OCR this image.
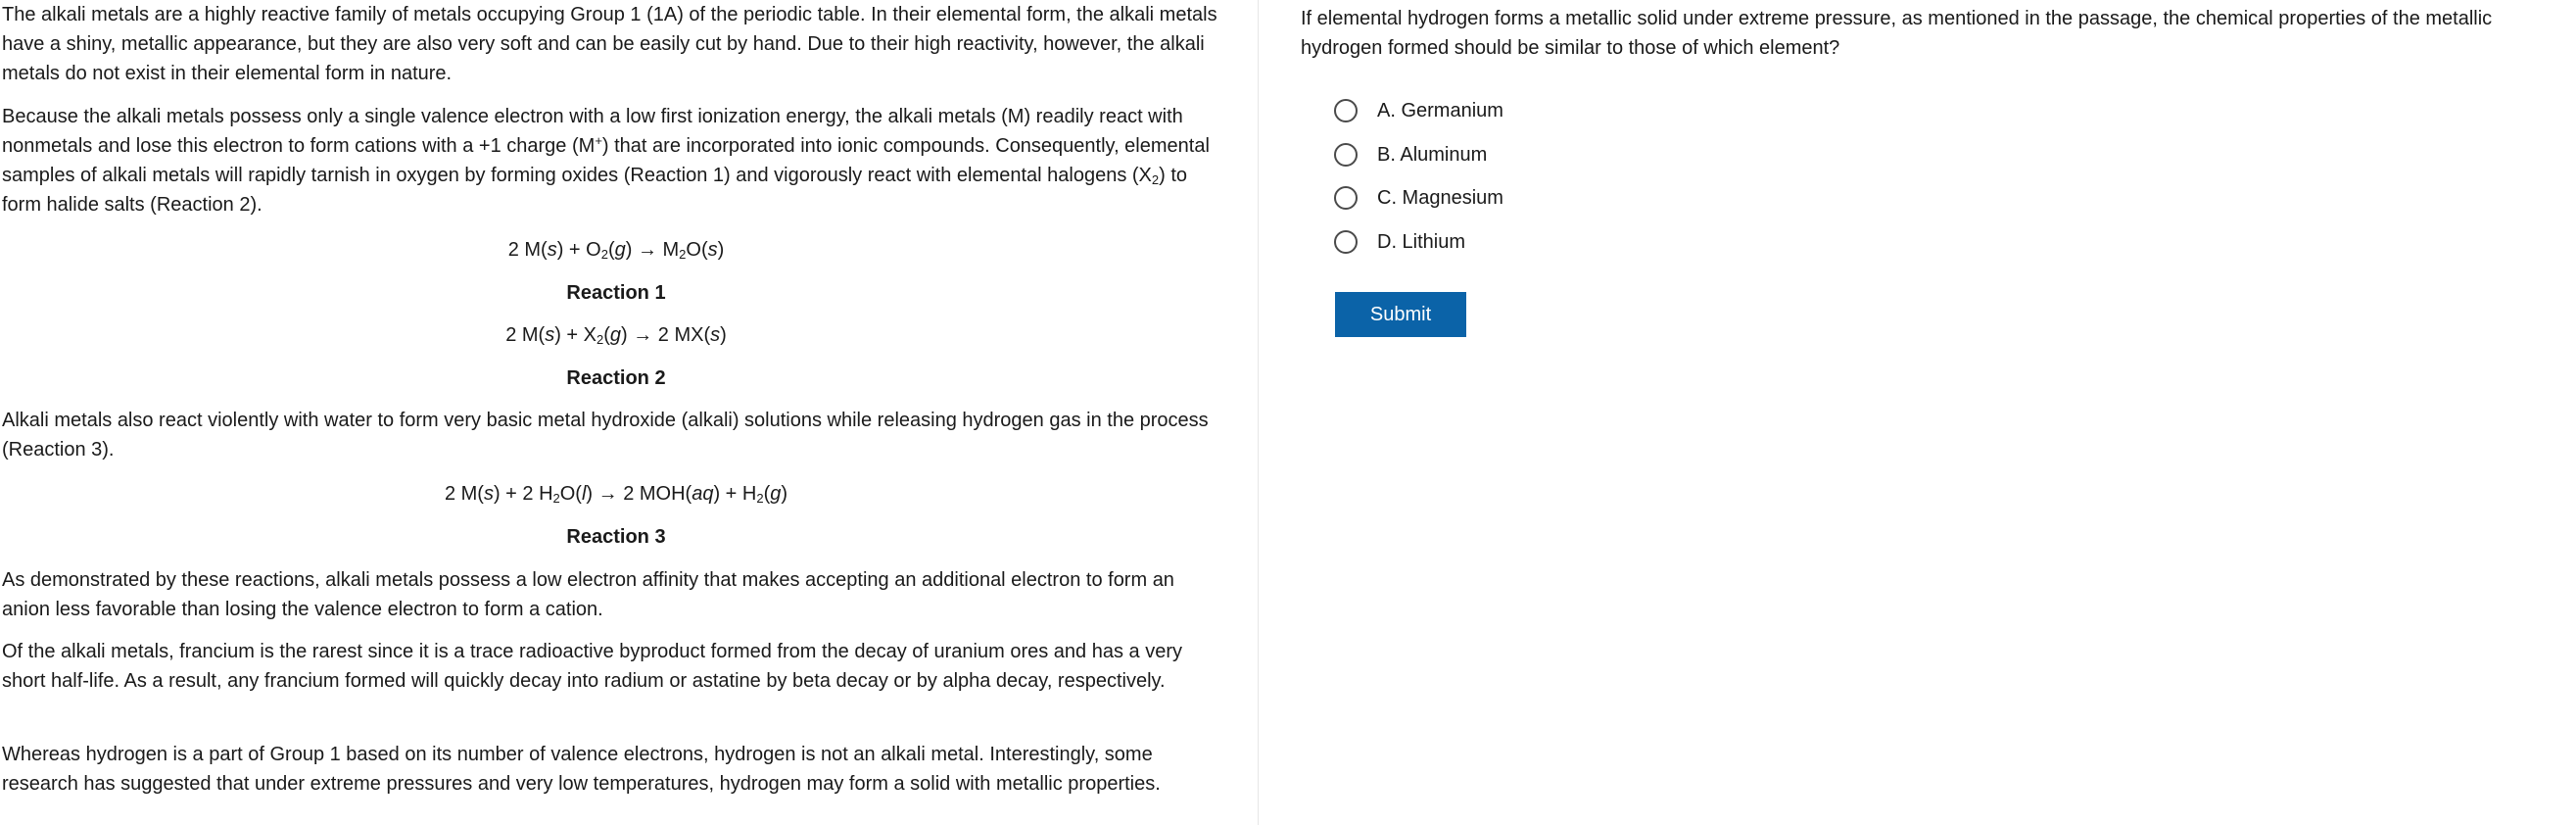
The alkali metals are a highly reactive family of metals occupying Group 1 (1A) of the periodic table. In their elemental form, the alkali metals have a shiny, metallic appearance, but they are also very soft and can be easily cut by hand. Due to their high reactivity, however, the alkali metals do not exist in their elemental form in nature.

Because the alkali metals possess only a single valence electron with a low first ionization energy, the alkali metals (M) readily react with nonmetals and lose this electron to form cations with a +1 charge (M+) that are incorporated into ionic compounds. Consequently, elemental samples of alkali metals will rapidly tarnish in oxygen by forming oxides (Reaction 1) and vigorously react with elemental halogens $(X_2)$ to form halide salts (Reaction 2).

2 $M(s) + O_2(g) \to M_2O(s)$

Reaction 1

2 $M(s) + X_2(g) \to 2$ MX(s)

Reaction 2

Alkali metals also react violently with water to form very basic metal hydroxide (alkali) solutions while releasing hydrogen gas in the process (Reaction 3).

2 M(s) + 2 $H_2O(l) \to 2$ $MOH(aq) + H_2(g)$

Reaction 3

As demonstrated by these reactions, alkali metals possess a low electron affinity that makes accepting an additional electron to form an anion less favorable than losing the valence electron to form a cation.

Of the alkali metals, francium is the rarest since it is a trace radioactive byproduct formed from the decay of uranium ores and has a very short half-life. As a result, any francium formed will quickly decay into radium or astatine by beta decay or by alpha decay, respectively.

Whereas hydrogen is a part of Group 1 based on its number of valence electrons, hydrogen is not an alkali metal. Interestingly, some research has suggested that under extreme pressures and very low temperatures, hydrogen may form a solid with metallic properties.

If elemental hydrogen forms a metallic solid under extreme pressure, as mentioned in the passage, the chemical properties of the metallic hydrogen formed should be similar to those of which element?

A. Germanium
B. Aluminum
C. Magnesium
D. Lithium
Submit
